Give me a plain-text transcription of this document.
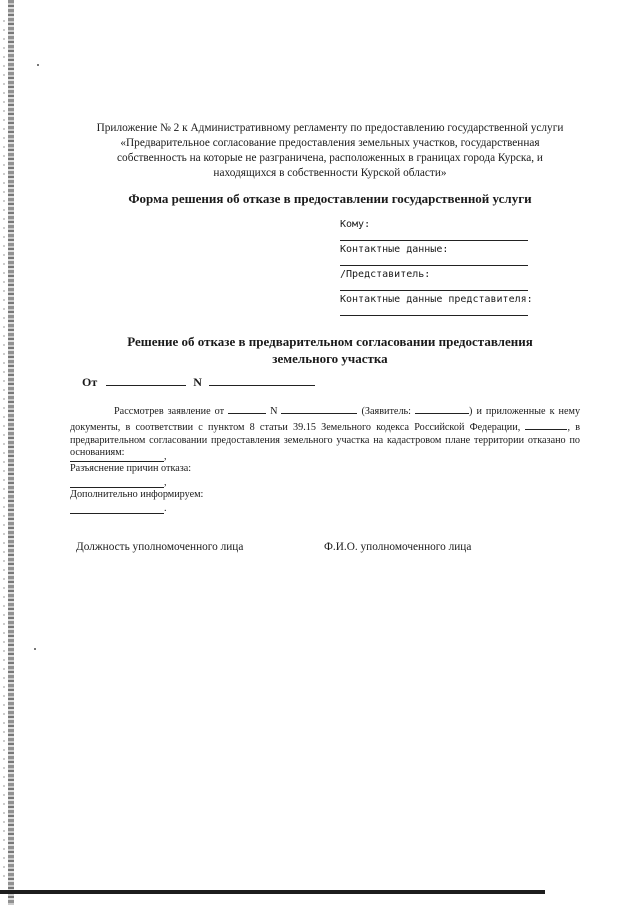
Приложение № 2 к Административному регламенту по предоставлению государственной услуги
«Предварительное согласование предоставления земельных участков, государственная
собственность на которые не разграничена, расположенных в границах города Курска, и
находящихся в собственности Курской области»
Форма решения об отказе в предоставлении государственной услуги
Кому:
Контактные данные:
/Представитель:
Контактные данные представителя:
Решение об отказе в предварительном согласовании предоставления
земельного участка
От	N
Рассмотрев заявление от	N	(Заявитель:	) и приложенные к нему документы, в соответствии с пунктом 8 статьи 39.15 Земельного кодекса Российской Федерации,	, в предварительном согласовании предоставления земельного участка на кадастровом плане территории отказано по основаниям:	,
Разъяснение причин отказа:
,
Дополнительно информируем:
.
Должность уполномоченного лица	Ф.И.О. уполномоченного лица
